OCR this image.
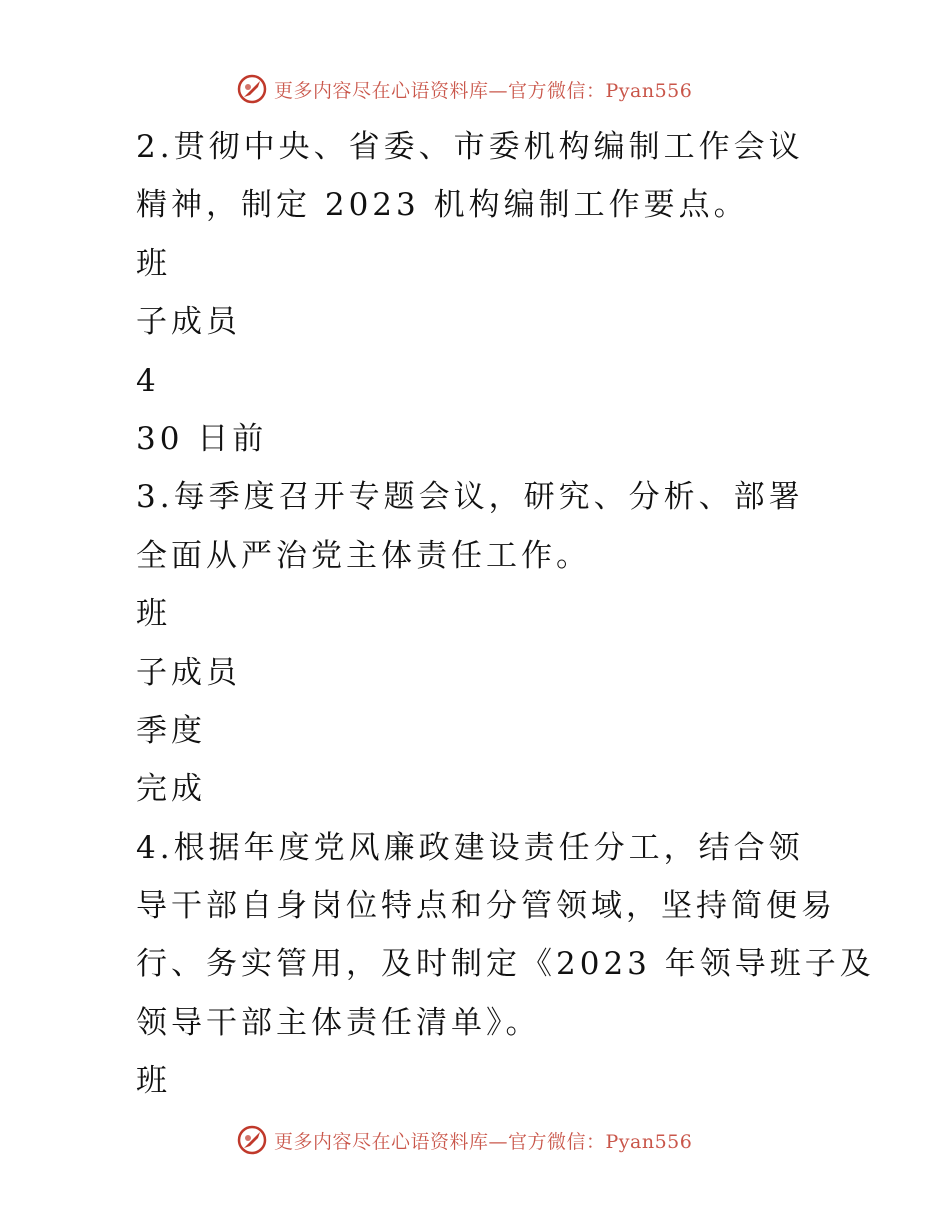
更多内容尽在心语资料库—官方微信：Pyan556
2.贯彻中央、省委、市委机构编制工作会议
精神，制定 2023 机构编制工作要点。
班
子成员
4
30 日前
3.每季度召开专题会议，研究、分析、部署
全面从严治党主体责任工作。
班
子成员
季度
完成
4.根据年度党风廉政建设责任分工，结合领
导干部自身岗位特点和分管领域，坚持简便易
行、务实管用，及时制定《2023 年领导班子及
领导干部主体责任清单》。
班
更多内容尽在心语资料库—官方微信：Pyan556
